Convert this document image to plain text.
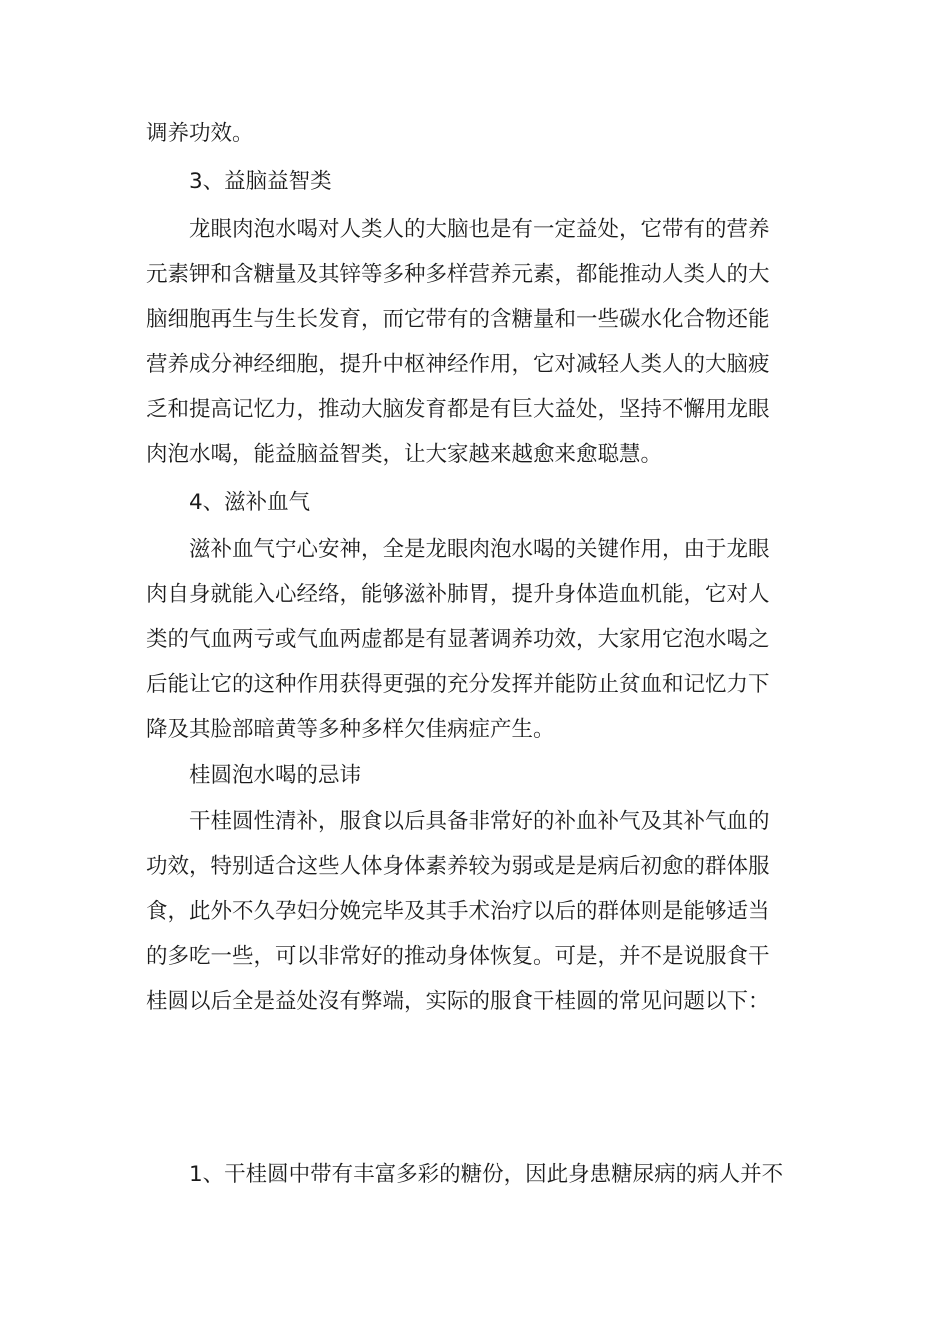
调养功效。

3、益脑益智类

龙眼肉泡水喝对人类人的大脑也是有一定益处，它带有的营养
元素钾和含糖量及其锌等多种多样营养元素，都能推动人类人的大
脑细胞再生与生长发育，而它带有的含糖量和一些碳水化合物还能
营养成分神经细胞，提升中枢神经作用，它对减轻人类人的大脑疲
乏和提高记忆力，推动大脑发育都是有巨大益处，坚持不懈用龙眼
肉泡水喝，能益脑益智类，让大家越来越愈来愈聪慧。

4、滋补血气

滋补血气宁心安神，全是龙眼肉泡水喝的关键作用，由于龙眼
肉自身就能入心经络，能够滋补肺胃，提升身体造血机能，它对人
类的气血两亏或气血两虚都是有显著调养功效，大家用它泡水喝之
后能让它的这种作用获得更强的充分发挥并能防止贫血和记忆力下
降及其脸部暗黄等多种多样欠佳病症产生。

桂圆泡水喝的忌讳

干桂圆性清补，服食以后具备非常好的补血补气及其补气血的
功效，特别适合这些人体身体素养较为弱或是是病后初愈的群体服
食，此外不久孕妇分娩完毕及其手术治疗以后的群体则是能够适当
的多吃一些，可以非常好的推动身体恢复。可是，并不是说服食干
桂圆以后全是益处沒有弊端，实际的服食干桂圆的常见问题以下：

1、干桂圆中带有丰富多彩的糖份，因此身患糖尿病的病人并不
